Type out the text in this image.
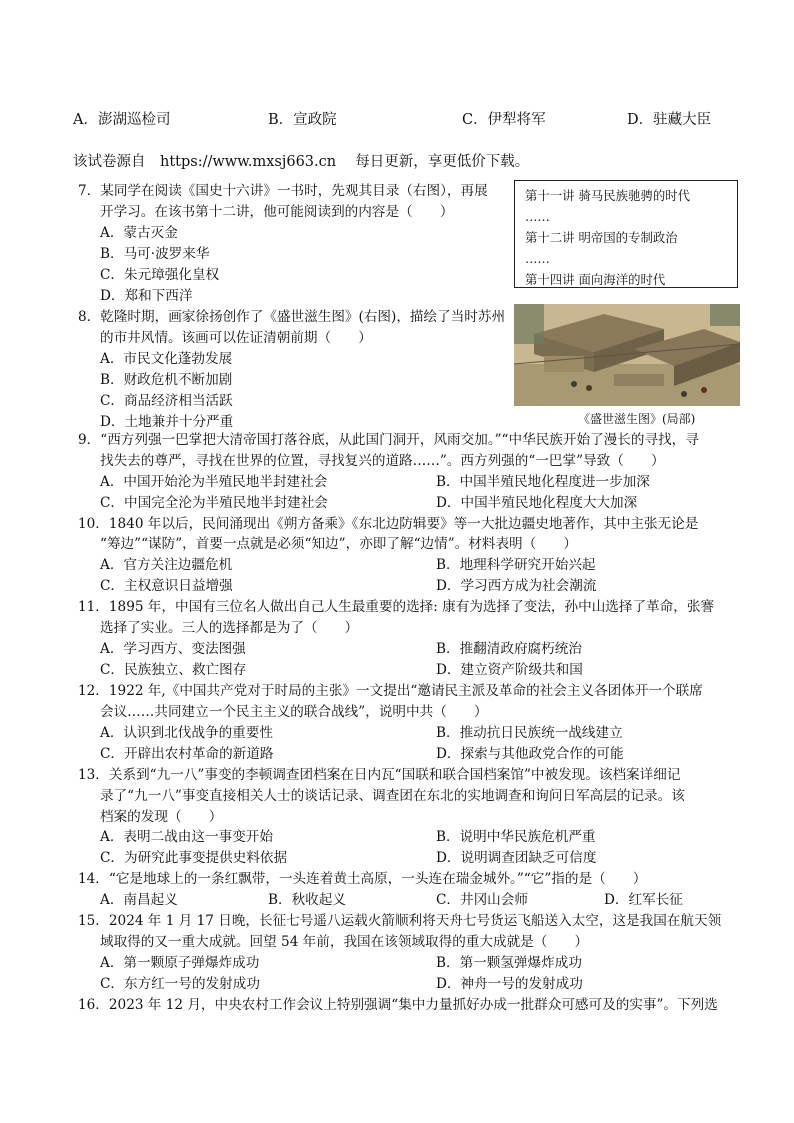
A．澎湖巡检司	B．宣政院	C．伊犁将军	D．驻藏大臣
该试卷源自　https://www.mxsj663.cn　 每日更新，享更低价下载。
7．某同学在阅读《国史十六讲》一书时，先观其目录（右图），再展
开学习。在该书第十二讲，他可能阅读到的内容是（　　）
A．蒙古灭金
B．马可·波罗来华
C．朱元璋强化皇权
D．郑和下西洋
第十一讲 骑马民族驰骋的时代
……
第十二讲 明帝国的专制政治
……
第十四讲 面向海洋的时代
8．乾隆时期，画家徐扬创作了《盛世滋生图》(右图)，描绘了当时苏州
的市井风情。该画可以佐证清朝前期（　　）
A．市民文化蓬勃发展
B．财政危机不断加剧
C．商品经济相当活跃
D．土地兼并十分严重	《盛世滋生图》(局部)
9．“西方列强一巴掌把大清帝国打落谷底，从此国门洞开，风雨交加。”“中华民族开始了漫长的寻找，寻
找失去的尊严，寻找在世界的位置，寻找复兴的道路……”。西方列强的“一巴掌”导致（　　）
A．中国开始沦为半殖民地半封建社会	B．中国半殖民地化程度进一步加深
C．中国完全沦为半殖民地半封建社会	D．中国半殖民地化程度大大加深
10．1840 年以后，民间涌现出《朔方备乘》《东北边防辑要》等一大批边疆史地著作，其中主张无论是
“筹边”“谋防”，首要一点就是必须“知边”，亦即了解“边情”。材料表明（　　）
A．官方关注边疆危机	B．地理科学研究开始兴起
C．主权意识日益增强	D．学习西方成为社会潮流
11．1895 年，中国有三位名人做出自己人生最重要的选择: 康有为选择了变法，孙中山选择了革命，张謇
选择了实业。三人的选择都是为了（　　）
A．学习西方、变法图强	B．推翻清政府腐朽统治
C．民族独立、救亡图存	D．建立资产阶级共和国
12．1922 年,《中国共产党对于时局的主张》一文提出“邀请民主派及革命的社会主义各团体开一个联席
会议……共同建立一个民主主义的联合战线”，说明中共（　　）
A．认识到北伐战争的重要性	B．推动抗日民族统一战线建立
C．开辟出农村革命的新道路	D．探索与其他政党合作的可能
13．关系到“九一八”事变的李顿调查团档案在日内瓦“国联和联合国档案馆”中被发现。该档案详细记
录了“九一八”事变直接相关人士的谈话记录、调查团在东北的实地调查和询问日军高层的记录。该
档案的发现（　　）
A．表明二战由这一事变开始	B．说明中华民族危机严重
C．为研究此事变提供史料依据	D．说明调查团缺乏可信度
14．“它是地球上的一条红飘带，一头连着黄土高原，一头连在瑞金城外。”“它”指的是（　　）
A．南昌起义	B．秋收起义	C．井冈山会师	D．红军长征
15．2024 年 1 月 17 日晚，长征七号遥八运载火箭顺利将天舟七号货运飞船送入太空，这是我国在航天领
域取得的又一重大成就。回望 54 年前，我国在该领域取得的重大成就是（　　）
A．第一颗原子弹爆炸成功	B．第一颗氢弹爆炸成功
C．东方红一号的发射成功	D．神舟一号的发射成功
16．2023 年 12 月，中央农村工作会议上特别强调“集中力量抓好办成一批群众可感可及的实事”。下列选
